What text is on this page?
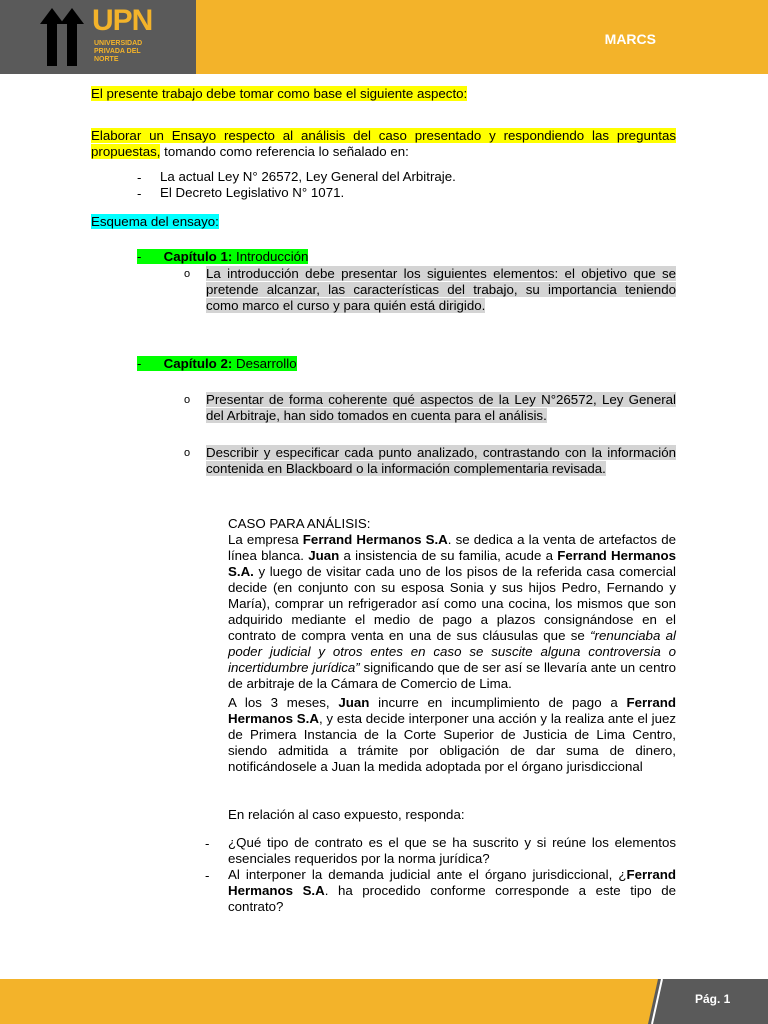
UPN
UNIVERSIDAD PRIVADA DEL NORTE
MARCS
El presente trabajo debe tomar como base el siguiente aspecto:
Elaborar un Ensayo respecto al análisis del caso presentado y respondiendo las preguntas propuestas, tomando como referencia lo señalado en:
- La actual Ley N° 26572, Ley General del Arbitraje.
- El Decreto Legislativo N° 1071.
Esquema del ensayo:
-      Capítulo 1: Introducción
o La introducción debe presentar los siguientes elementos: el objetivo que se pretende alcanzar, las características del trabajo, su importancia teniendo como marco el curso y para quién está dirigido.
-      Capítulo 2: Desarrollo
o Presentar de forma coherente qué aspectos de la Ley N°26572, Ley General del Arbitraje, han sido tomados en cuenta para el análisis.
o Describir y especificar cada punto analizado, contrastando con la información contenida en Blackboard o la información complementaria revisada.
CASO PARA ANÁLISIS:
La empresa Ferrand Hermanos S.A. se dedica a la venta de artefactos de línea blanca. Juan a insistencia de su familia, acude a Ferrand Hermanos S.A. y luego de visitar cada uno de los pisos de la referida casa comercial decide (en conjunto con su esposa Sonia y sus hijos Pedro, Fernando y María), comprar un refrigerador así como una cocina, los mismos que son adquirido mediante el medio de pago a plazos consignándose en el contrato de compra venta en una de sus cláusulas que se “renunciaba al poder judicial y otros entes en caso se suscite alguna controversia o incertidumbre jurídica” significando que de ser así se llevaría ante un centro de arbitraje de la Cámara de Comercio de Lima.
A los 3 meses, Juan incurre en incumplimiento de pago a Ferrand Hermanos S.A, y esta decide interponer una acción y la realiza ante el juez de Primera Instancia de la Corte Superior de Justicia de Lima Centro, siendo admitida a trámite por obligación de dar suma de dinero, notificándosele a Juan la medida adoptada por el órgano jurisdiccional
En relación al caso expuesto, responda:
- ¿Qué tipo de contrato es el que se ha suscrito y si reúne los elementos esenciales requeridos por la norma jurídica?
- Al interponer la demanda judicial ante el órgano jurisdiccional, ¿Ferrand Hermanos S.A. ha procedido conforme corresponde a este tipo de contrato?
Pág. 1
